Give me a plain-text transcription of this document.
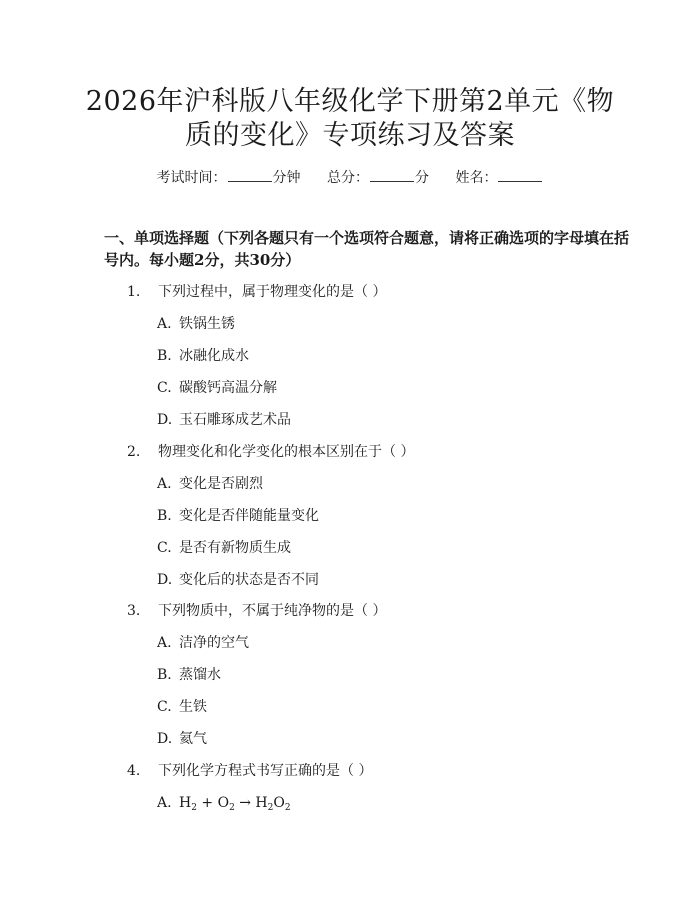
2026年沪科版八年级化学下册第2单元《物
质的变化》专项练习及答案
考试时间：	分钟 总分：	分 姓名：
一、单项选择题（下列各题只有一个选项符合题意，请将正确选项的字母填在括
号内。每小题2分，共30分）
1. 下列过程中，属于物理变化的是（ ）
A. 铁锅生锈
B. 冰融化成水
C. 碳酸钙高温分解
D. 玉石雕琢成艺术品
2. 物理变化和化学变化的根本区别在于（ ）
A. 变化是否剧烈
B. 变化是否伴随能量变化
C. 是否有新物质生成
D. 变化后的状态是否不同
3. 下列物质中，不属于纯净物的是（ ）
A. 洁净的空气
B. 蒸馏水
C. 生铁
D. 氦气
4. 下列化学方程式书写正确的是（ ）
A. $H_2 + O_2 \to H_2O_2$
